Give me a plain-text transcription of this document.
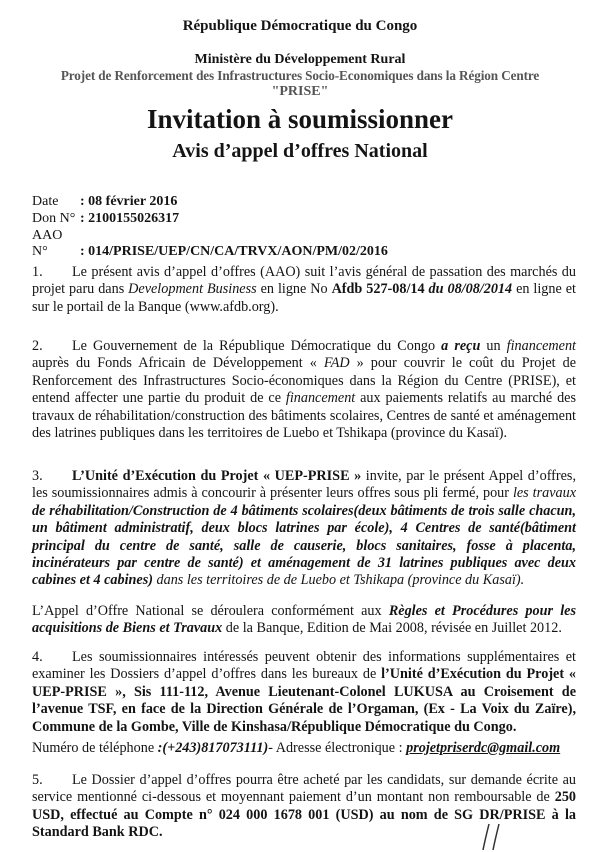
République Démocratique du Congo
Ministère du Développement Rural
Projet de Renforcement des Infrastructures Socio-Economiques dans la Région Centre
"PRISE"
Invitation à soumissionner
Avis d’appel d’offres National
Date : 08 février 2016
Don N° : 2100155026317
AAO N° : 014/PRISE/UEP/CN/CA/TRVX/AON/PM/02/2016
1. Le présent avis d’appel d’offres (AAO) suit l’avis général de passation des marchés du projet paru dans Development Business en ligne No Afdb 527-08/14 du 08/08/2014 en ligne et sur le portail de la Banque (www.afdb.org).
2. Le Gouvernement de la République Démocratique du Congo a reçu un financement auprès du Fonds Africain de Développement « FAD » pour couvrir le coût du Projet de Renforcement des Infrastructures Socio-économiques dans la Région du Centre (PRISE), et entend affecter une partie du produit de ce financement aux paiements relatifs au marché des travaux de réhabilitation/construction des bâtiments scolaires, Centres de santé et aménagement des latrines publiques dans les territoires de Luebo et Tshikapa (province du Kasaï).
3. L’Unité d’Exécution du Projet « UEP-PRISE » invite, par le présent Appel d’offres, les soumissionnaires admis à concourir à présenter leurs offres sous pli fermé, pour les travaux de réhabilitation/Construction de 4 bâtiments scolaires(deux bâtiments de trois salle chacun, un bâtiment administratif, deux blocs latrines par école), 4 Centres de santé(bâtiment principal du centre de santé, salle de causerie, blocs sanitaires, fosse à placenta, incinérateurs par centre de santé) et aménagement de 31 latrines publiques avec deux cabines et 4 cabines) dans les territoires de de Luebo et Tshikapa (province du Kasaï).
L’Appel d’Offre National se déroulera conformément aux Règles et Procédures pour les acquisitions de Biens et Travaux de la Banque, Edition de Mai 2008, révisée en Juillet 2012.
4. Les soumissionnaires intéressés peuvent obtenir des informations supplémentaires et examiner les Dossiers d’appel d’offres dans les bureaux de l’Unité d’Exécution du Projet « UEP-PRISE », Sis 111-112, Avenue Lieutenant-Colonel LUKUSA au Croisement de l’avenue TSF, en face de la Direction Générale de l’Orgaman, (Ex - La Voix du Zaïre), Commune de la Gombe, Ville de Kinshasa/République Démocratique du Congo.
Numéro de téléphone :(+243)817073111)- Adresse électronique : projetpriserdc@gmail.com
5. Le Dossier d’appel d’offres pourra être acheté par les candidats, sur demande écrite au service mentionné ci-dessous et moyennant paiement d’un montant non remboursable de 250 USD, effectué au Compte n° 024 000 1678 001 (USD) au nom de SG DR/PRISE à la Standard Bank RDC.
